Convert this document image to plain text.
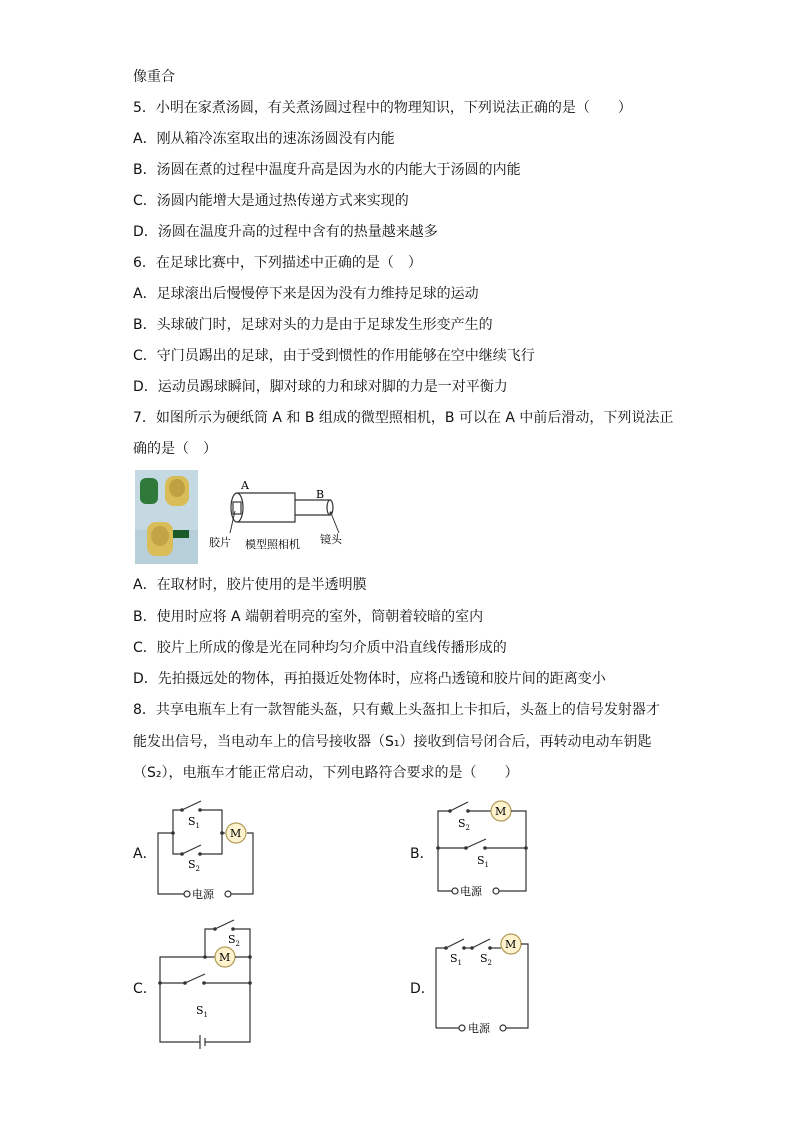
像重合
5．小明在家煮汤圆，有关煮汤圆过程中的物理知识，下列说法正确的是（　　）
A．刚从箱冷冻室取出的速冻汤圆没有内能
B．汤圆在煮的过程中温度升高是因为水的内能大于汤圆的内能
C．汤圆内能增大是通过热传递方式来实现的
D．汤圆在温度升高的过程中含有的热量越来越多
6．在足球比赛中，下列描述中正确的是（　）
A．足球滚出后慢慢停下来是因为没有力维持足球的运动
B．头球破门时，足球对头的力是由于足球发生形变产生的
C．守门员踢出的足球，由于受到惯性的作用能够在空中继续飞行
D．运动员踢球瞬间，脚对球的力和球对脚的力是一对平衡力
7．如图所示为硬纸筒 A 和 B 组成的微型照相机，B 可以在 A 中前后滑动，下列说法正
确的是（　）
A
B
胶片 模型照相机 镜头
A．在取材时，胶片使用的是半透明膜
B．使用时应将 A 端朝着明亮的室外，筒朝着较暗的室内
C．胶片上所成的像是光在同种均匀介质中沿直线传播形成的
D．先拍摄远处的物体，再拍摄近处物体时，应将凸透镜和胶片间的距离变小
8．共享电瓶车上有一款智能头盔，只有戴上头盔扣上卡扣后，头盔上的信号发射器才
能发出信号，当电动车上的信号接收器（S₁）接收到信号闭合后，再转动电动车钥匙
（S₂），电瓶车才能正常启动，下列电路符合要求的是（　　）
A．
$S_1$
$S_2$
M
电源
B．
$S_2$
$S_1$
M
电源
C．
$S_2$
$S_1$
M
D．
$S_1$ $S_2$
M
电源
